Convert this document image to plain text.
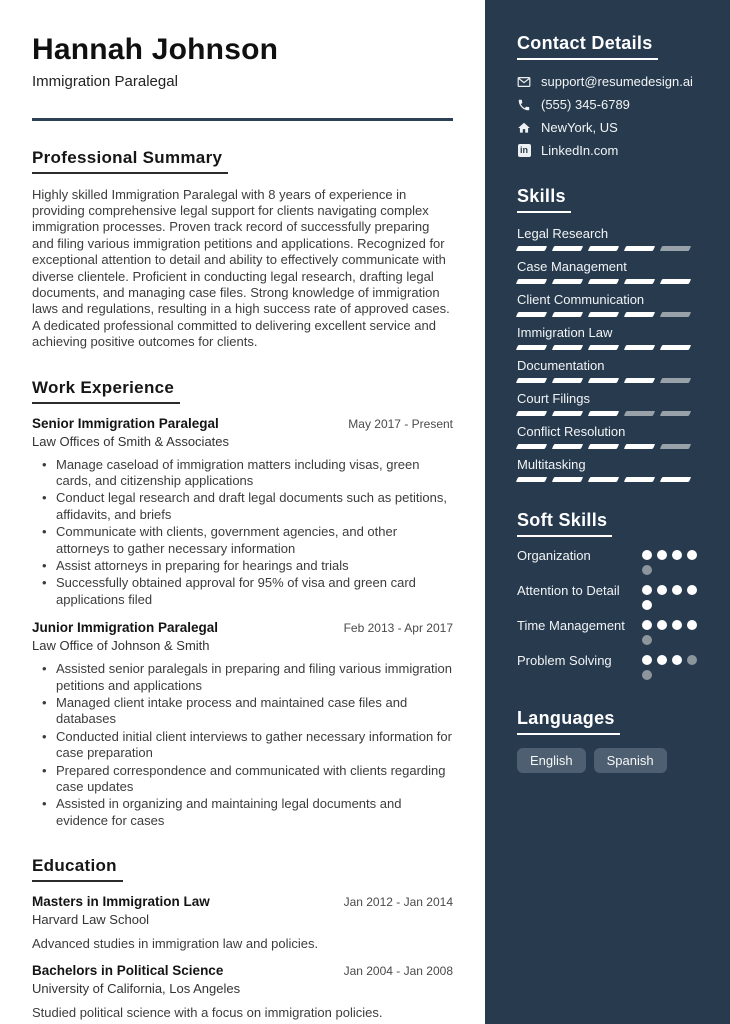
Hannah Johnson
Immigration Paralegal
Professional Summary

Highly skilled Immigration Paralegal with 8 years of experience in providing comprehensive legal support for clients navigating complex immigration processes. Proven track record of successfully preparing and filing various immigration petitions and applications. Recognized for exceptional attention to detail and ability to effectively communicate with diverse clientele. Proficient in conducting legal research, drafting legal documents, and managing case files. Strong knowledge of immigration laws and regulations, resulting in a high success rate of approved cases. A dedicated professional committed to delivering excellent service and achieving positive outcomes for clients.

Work Experience
Senior Immigration Paralegal	May 2017 - Present
Law Offices of Smith & Associates
• Manage caseload of immigration matters including visas, green cards, and citizenship applications
• Conduct legal research and draft legal documents such as petitions, affidavits, and briefs
• Communicate with clients, government agencies, and other attorneys to gather necessary information
• Assist attorneys in preparing for hearings and trials
• Successfully obtained approval for 95% of visa and green card applications filed
Junior Immigration Paralegal	Feb 2013 - Apr 2017
Law Office of Johnson & Smith
• Assisted senior paralegals in preparing and filing various immigration petitions and applications
• Managed client intake process and maintained case files and databases
• Conducted initial client interviews to gather necessary information for case preparation
• Prepared correspondence and communicated with clients regarding case updates
• Assisted in organizing and maintaining legal documents and evidence for cases
Education
Masters in Immigration Law	Jan 2012 - Jan 2014
Harvard Law School
Advanced studies in immigration law and policies.
Bachelors in Political Science	Jan 2004 - Jan 2008
University of California, Los Angeles
Studied political science with a focus on immigration policies.
Contact Details
support@resumedesign.ai
(555) 345-6789
NewYork, US
in LinkedIn.com
Skills
Legal Research
Case Management
Client Communication
Immigration Law
Documentation
Court Filings
Conflict Resolution
Multitasking
Soft Skills
Organization
Attention to Detail
Time Management
Problem Solving
Languages
English	Spanish
